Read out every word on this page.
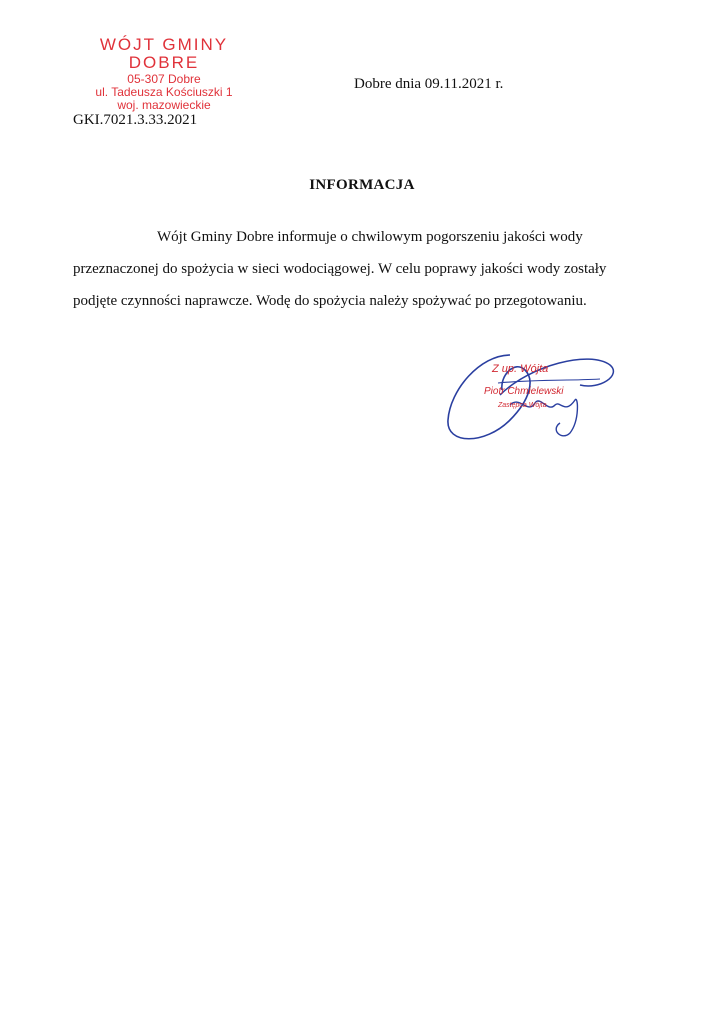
WÓJT GMINY
DOBRE
05-307 Dobre
ul. Tadeusza Kościuszki 1
woj. mazowieckie
Dobre dnia 09.11.2021 r.
GKI.7021.3.33.2021
INFORMACJA
Wójt Gminy Dobre informuje o chwilowym pogorszeniu jakości wody
przeznaczonej do spożycia w sieci wodociągowej. W celu poprawy jakości wody zostały
podjęte czynności naprawcze. Wodę do spożycia należy spożywać po przegotowaniu.
Z up. Wójta
Piotr Chmielewski
Zastępca Wójta
